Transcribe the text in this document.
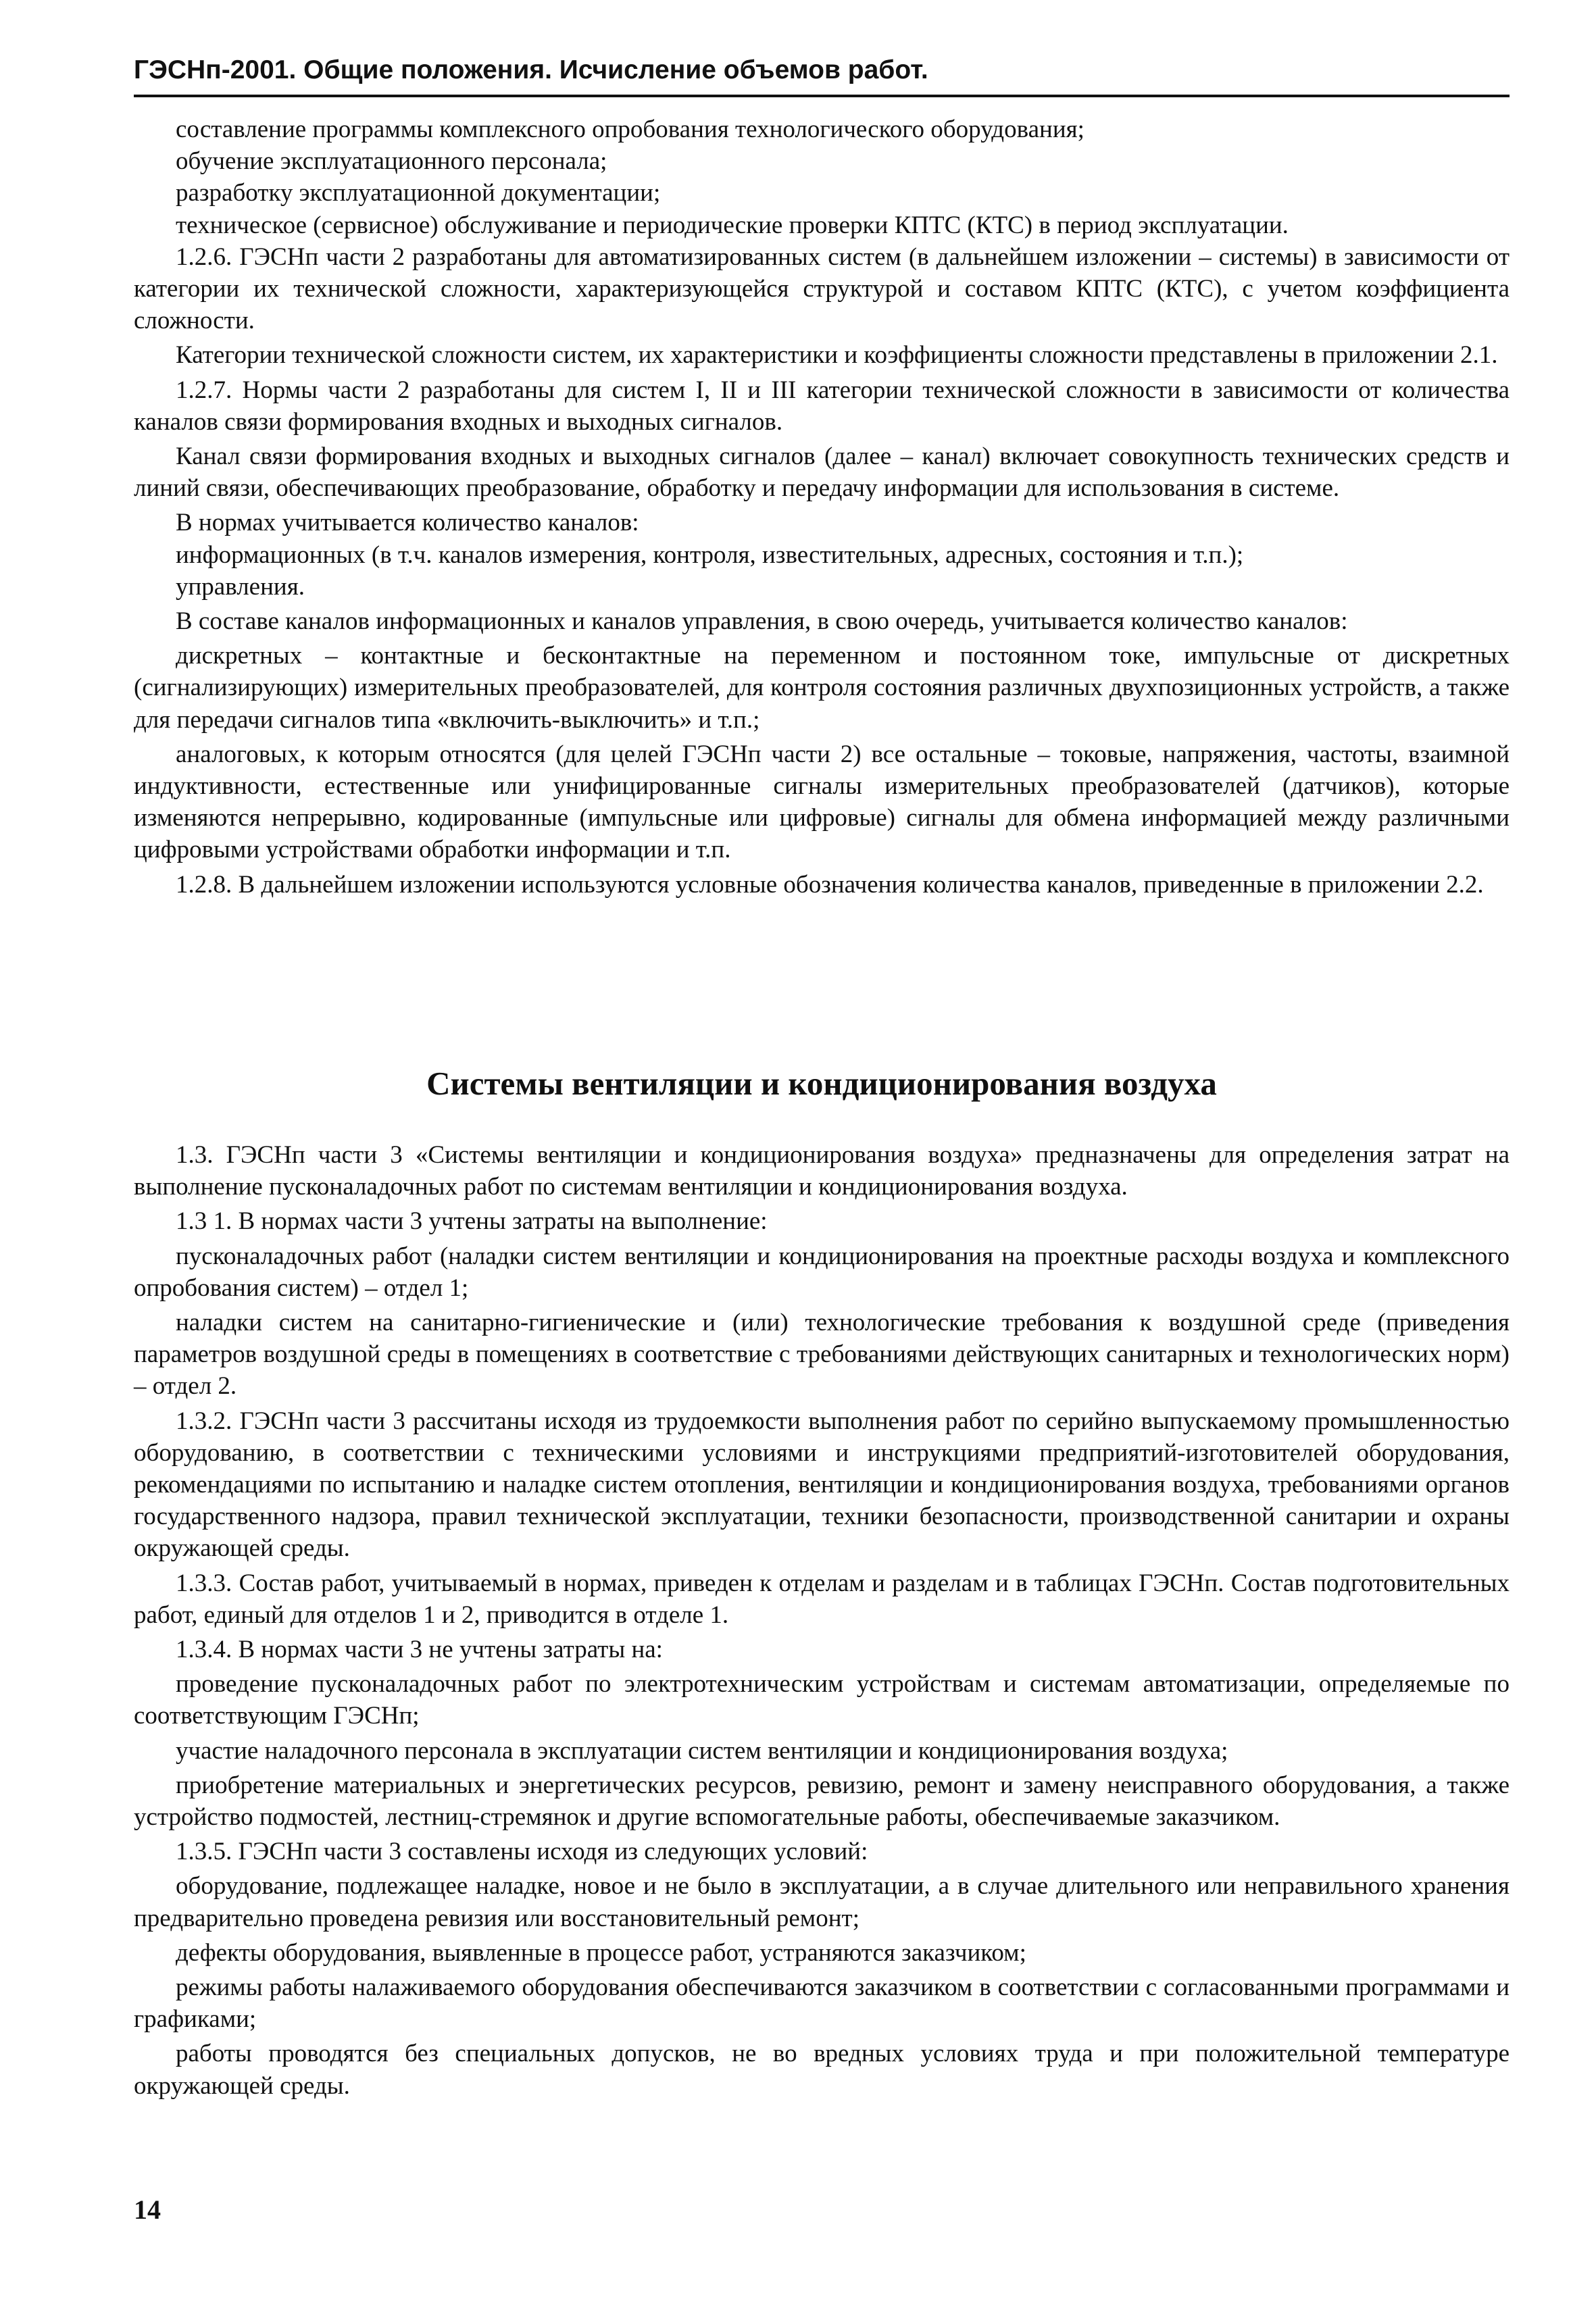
ГЭСНп-2001. Общие положения. Исчисление объемов работ.

составление программы комплексного опробования технологического оборудования;

обучение эксплуатационного персонала;

разработку эксплуатационной документации;

техническое (сервисное) обслуживание и периодические проверки КПТС (КТС) в период эксплуатации.

1.2.6. ГЭСНп части 2 разработаны для автоматизированных систем (в дальнейшем изложении – системы) в зависимости от категории их технической сложности, характеризующейся структурой и составом КПТС (КТС), с учетом коэффициента сложности.

Категории технической сложности систем, их характеристики и коэффициенты сложности представлены в приложении 2.1.

1.2.7. Нормы части 2 разработаны для систем I, II и III категории технической сложности в зависимости от количества каналов связи формирования входных и выходных сигналов.

Канал связи формирования входных и выходных сигналов (далее – канал) включает совокупность технических средств и линий связи, обеспечивающих преобразование, обработку и передачу информации для использования в системе.

В нормах учитывается количество каналов:

информационных (в т.ч. каналов измерения, контроля, известительных, адресных, состояния и т.п.);

управления.

В составе каналов информационных и каналов управления, в свою очередь, учитывается количество каналов:

дискретных – контактные и бесконтактные на переменном и постоянном токе, импульсные от дискретных (сигнализирующих) измерительных преобразователей, для контроля состояния различных двухпозиционных устройств, а также для передачи сигналов типа «включить-выключить» и т.п.;

аналоговых, к которым относятся (для целей ГЭСНп части 2) все остальные – токовые, напряжения, частоты, взаимной индуктивности, естественные или унифицированные сигналы измерительных преобразователей (датчиков), которые изменяются непрерывно, кодированные (импульсные или цифровые) сигналы для обмена информацией между различными цифровыми устройствами обработки информации и т.п.

1.2.8. В дальнейшем изложении используются условные обозначения количества каналов, приведенные в приложении 2.2.

Системы вентиляции и кондиционирования воздуха

1.3. ГЭСНп части 3 «Системы вентиляции и кондиционирования воздуха» предназначены для определения затрат на выполнение пусконаладочных работ по системам вентиляции и кондиционирования воздуха.

1.3 1. В нормах части 3 учтены затраты на выполнение:

пусконаладочных работ (наладки систем вентиляции и кондиционирования на проектные расходы воздуха и комплексного опробования систем) – отдел 1;

наладки систем на санитарно-гигиенические и (или) технологические требования к воздушной среде (приведения параметров воздушной среды в помещениях в соответствие с требованиями действующих санитарных и технологических норм) – отдел 2.

1.3.2. ГЭСНп части 3 рассчитаны исходя из трудоемкости выполнения работ по серийно выпускаемому промышленностью оборудованию, в соответствии с техническими условиями и инструкциями предприятий-изготовителей оборудования, рекомендациями по испытанию и наладке систем отопления, вентиляции и кондиционирования воздуха, требованиями органов государственного надзора, правил технической эксплуатации, техники безопасности, производственной санитарии и охраны окружающей среды.

1.3.3. Состав работ, учитываемый в нормах, приведен к отделам и разделам и в таблицах ГЭСНп. Состав подготовительных работ, единый для отделов 1 и 2, приводится в отделе 1.

1.3.4. В нормах части 3 не учтены затраты на:

проведение пусконаладочных работ по электротехническим устройствам и системам автоматизации, определяемые по соответствующим ГЭСНп;

участие наладочного персонала в эксплуатации систем вентиляции и кондиционирования воздуха;

приобретение материальных и энергетических ресурсов, ревизию, ремонт и замену неисправного оборудования, а также устройство подмостей, лестниц-стремянок и другие вспомогательные работы, обеспечиваемые заказчиком.

1.3.5. ГЭСНп части 3 составлены исходя из следующих условий:

оборудование, подлежащее наладке, новое и не было в эксплуатации, а в случае длительного или неправильного хранения предварительно проведена ревизия или восстановительный ремонт;

дефекты оборудования, выявленные в процессе работ, устраняются заказчиком;

режимы работы налаживаемого оборудования обеспечиваются заказчиком в соответствии с согласованными программами и графиками;

работы проводятся без специальных допусков, не во вредных условиях труда и при положительной температуре окружающей среды.

14
